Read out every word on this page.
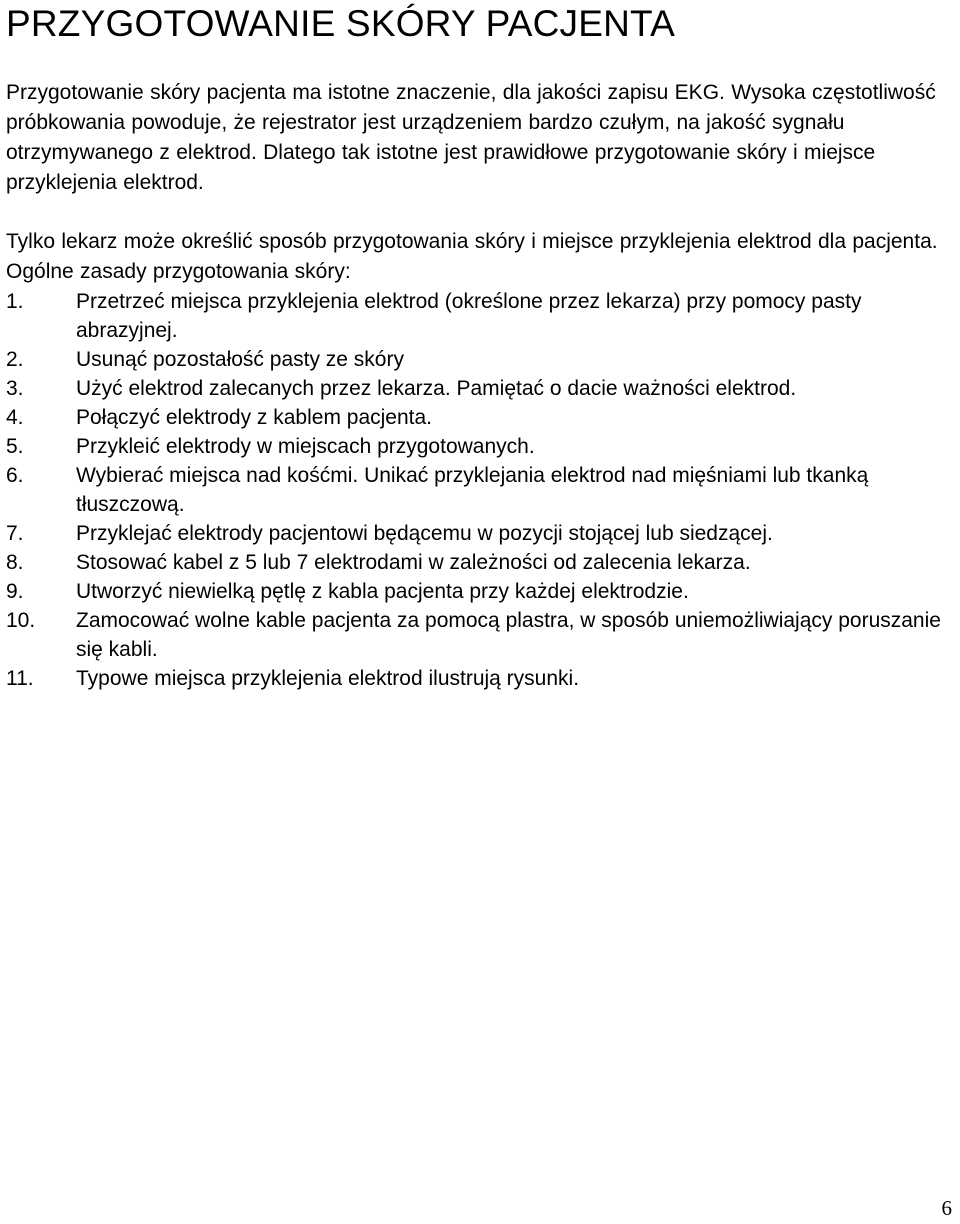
PRZYGOTOWANIE SKÓRY PACJENTA

Przygotowanie skóry pacjenta ma istotne znaczenie, dla jakości zapisu EKG. Wysoka częstotliwość próbkowania powoduje, że rejestrator jest urządzeniem bardzo czułym, na jakość sygnału otrzymywanego z elektrod. Dlatego tak istotne jest prawidłowe przygotowanie skóry i miejsce przyklejenia elektrod.

Tylko lekarz może określić sposób przygotowania skóry i miejsce przyklejenia elektrod dla pacjenta.

Ogólne zasady przygotowania skóry:

1.	Przetrzeć miejsca przyklejenia elektrod (określone przez lekarza) przy pomocy pasty abrazyjnej.
2.	Usunąć pozostałość pasty ze skóry
3.	Użyć elektrod zalecanych przez lekarza. Pamiętać o dacie ważności elektrod.
4.	Połączyć elektrody z kablem pacjenta.
5.	Przykleić elektrody w miejscach przygotowanych.
6.	Wybierać miejsca nad kośćmi. Unikać przyklejania elektrod nad mięśniami lub tkanką tłuszczową.
7.	Przyklejać elektrody pacjentowi będącemu w pozycji stojącej lub siedzącej.
8.	Stosować kabel z 5 lub 7 elektrodami w zależności od zalecenia lekarza.
9.	Utworzyć niewielką pętlę z kabla pacjenta przy każdej elektrodzie.
10.	Zamocować wolne kable pacjenta za pomocą plastra, w sposób uniemożliwiający poruszanie się kabli.
11.	Typowe miejsca przyklejenia elektrod ilustrują rysunki.
6
